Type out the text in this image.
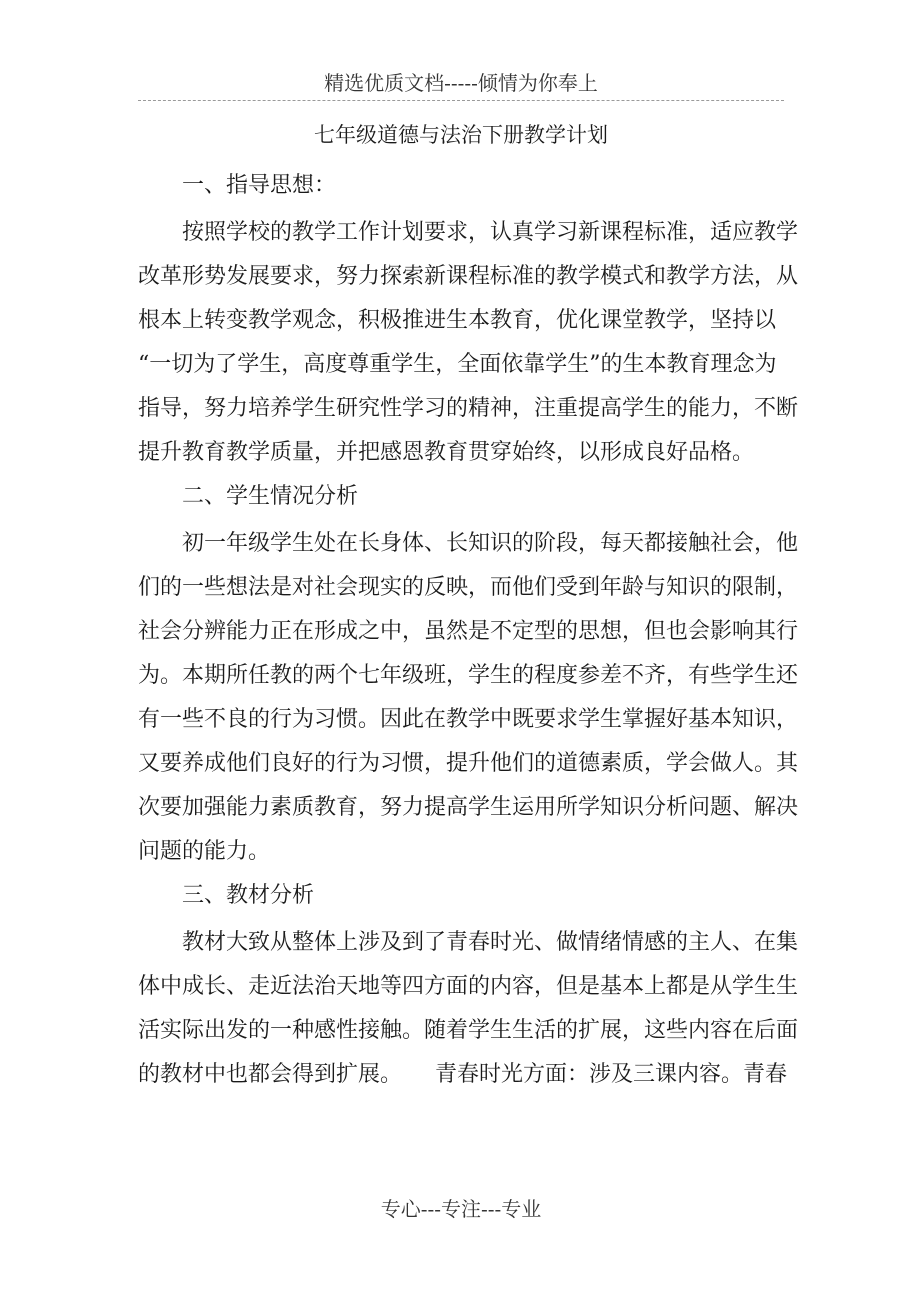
精选优质文档-----倾情为你奉上
七年级道德与法治下册教学计划

一、指导思想：

　　按照学校的教学工作计划要求，认真学习新课程标准，适应教学

改革形势发展要求，努力探索新课程标准的教学模式和教学方法，从

根本上转变教学观念，积极推进生本教育，优化课堂教学，坚持以

“一切为了学生，高度尊重学生，全面依靠学生”的生本教育理念为

指导，努力培养学生研究性学习的精神，注重提高学生的能力，不断

提升教育教学质量，并把感恩教育贯穿始终，以形成良好品格。

二、学生情况分析

　　初一年级学生处在长身体、长知识的阶段，每天都接触社会，他

们的一些想法是对社会现实的反映，而他们受到年龄与知识的限制，

社会分辨能力正在形成之中，虽然是不定型的思想，但也会影响其行

为。本期所任教的两个七年级班，学生的程度参差不齐，有些学生还

有一些不良的行为习惯。因此在教学中既要求学生掌握好基本知识，

又要养成他们良好的行为习惯，提升他们的道德素质，学会做人。其

次要加强能力素质教育，努力提高学生运用所学知识分析问题、解决

问题的能力。

三、教材分析

　　教材大致从整体上涉及到了青春时光、做情绪情感的主人、在集

体中成长、走近法治天地等四方面的内容，但是基本上都是从学生生

活实际出发的一种感性接触。随着学生生活的扩展，这些内容在后面

的教材中也都会得到扩展。　　青春时光方面：涉及三课内容。青春

专心---专注---专业
